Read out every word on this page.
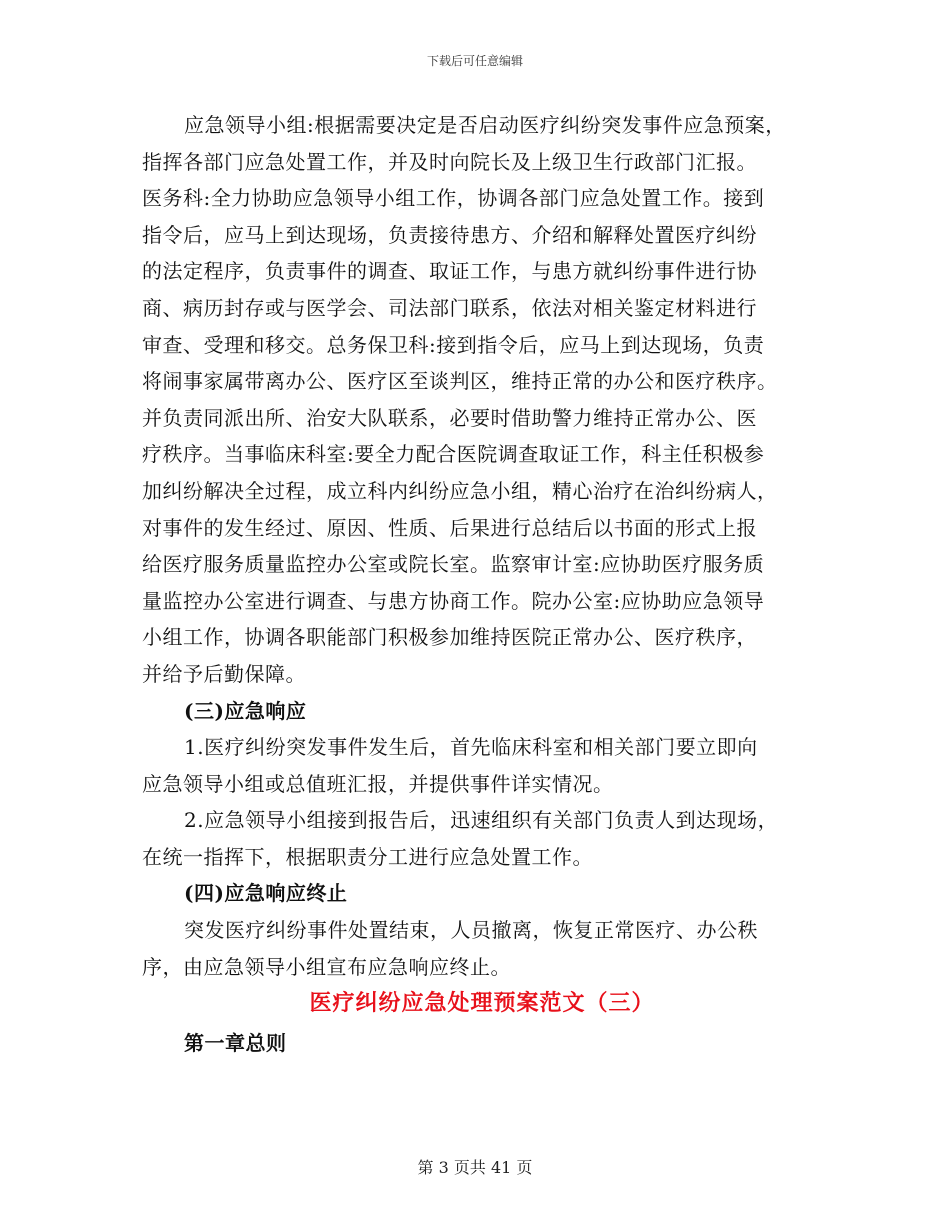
下载后可任意编辑
应急领导小组:根据需要决定是否启动医疗纠纷突发事件应急预案，
指挥各部门应急处置工作，并及时向院长及上级卫生行政部门汇报。
医务科:全力协助应急领导小组工作，协调各部门应急处置工作。接到
指令后，应马上到达现场，负责接待患方、介绍和解释处置医疗纠纷
的法定程序，负责事件的调查、取证工作，与患方就纠纷事件进行协
商、病历封存或与医学会、司法部门联系，依法对相关鉴定材料进行
审查、受理和移交。总务保卫科:接到指令后，应马上到达现场，负责
将闹事家属带离办公、医疗区至谈判区，维持正常的办公和医疗秩序。
并负责同派出所、治安大队联系，必要时借助警力维持正常办公、医
疗秩序。当事临床科室:要全力配合医院调查取证工作，科主任积极参
加纠纷解决全过程，成立科内纠纷应急小组，精心治疗在治纠纷病人，
对事件的发生经过、原因、性质、后果进行总结后以书面的形式上报
给医疗服务质量监控办公室或院长室。监察审计室:应协助医疗服务质
量监控办公室进行调查、与患方协商工作。院办公室:应协助应急领导
小组工作，协调各职能部门积极参加维持医院正常办公、医疗秩序，
并给予后勤保障。
(三)应急响应
1.医疗纠纷突发事件发生后，首先临床科室和相关部门要立即向
应急领导小组或总值班汇报，并提供事件详实情况。
2.应急领导小组接到报告后，迅速组织有关部门负责人到达现场，
在统一指挥下，根据职责分工进行应急处置工作。
(四)应急响应终止
突发医疗纠纷事件处置结束，人员撤离，恢复正常医疗、办公秩
序，由应急领导小组宣布应急响应终止。
医疗纠纷应急处理预案范文（三）
第一章总则
第 3 页共 41 页
